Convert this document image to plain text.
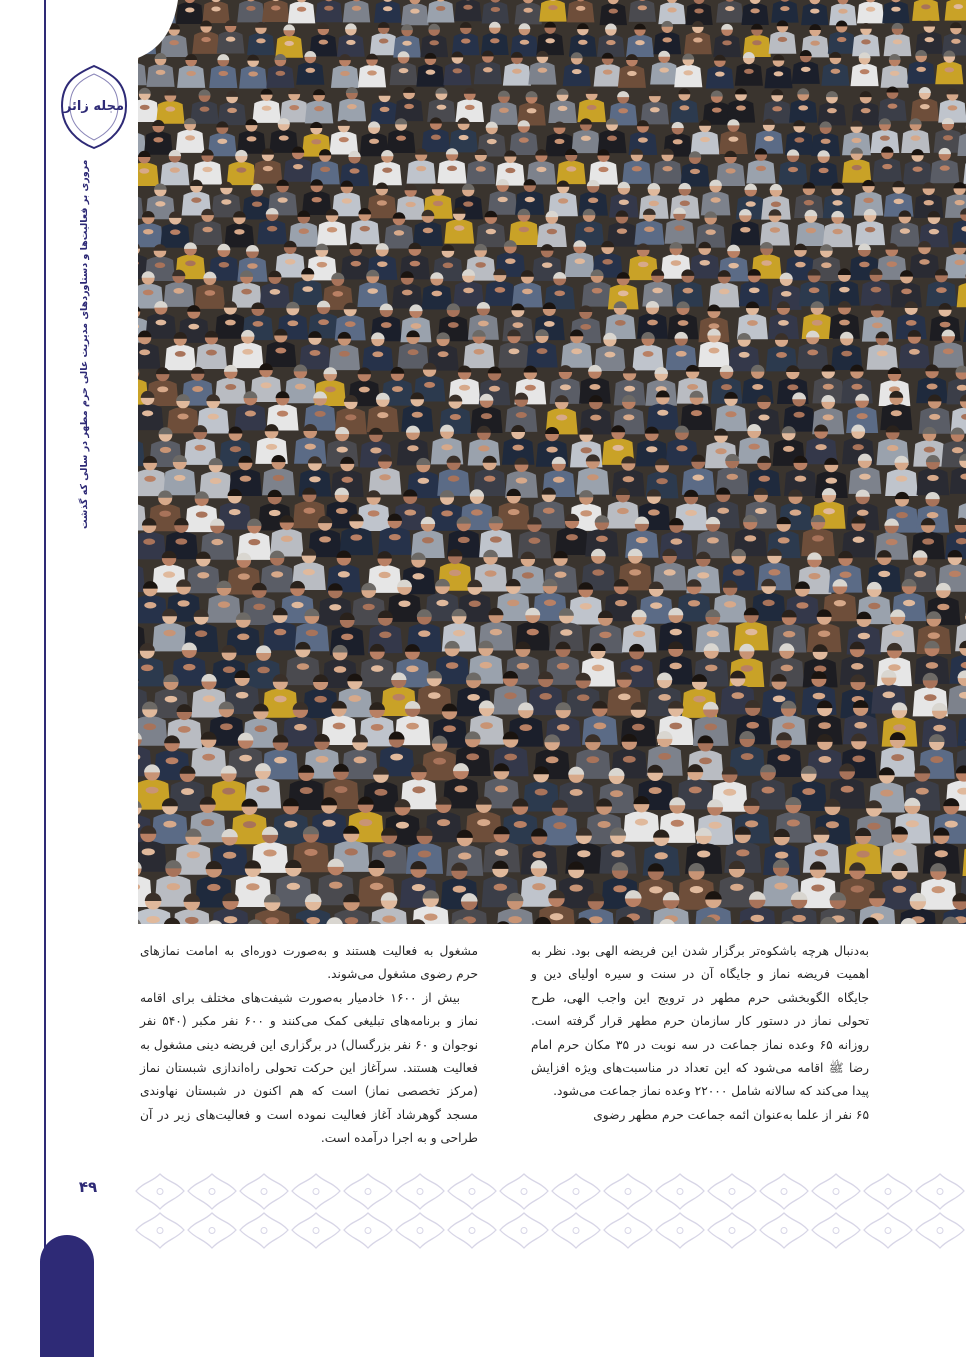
مجله زائر
مروری بر فعالیت‌ها و دستاوردهای مدیریت عالی حرم مطهر در سالی که گذشت
۴۹

به‌دنبال هرچه باشکوه‌تر برگزار شدن این فریضه الهی بود. نظر به اهمیت فریضه نماز و جایگاه آن در سنت و سیره اولیای دین و جایگاه الگوبخشی حرم مطهر در ترویج این واجب الهی، طرح تحولی نماز در دستور کار سازمان حرم مطهر قرار گرفته است. روزانه ۶۵ وعده نماز جماعت در سه نوبت در ۳۵ مکان حرم امام رضا ﷺ اقامه می‌شود که این تعداد در مناسبت‌های ویژه افزایش پیدا می‌کند که سالانه شامل ۲۲۰۰۰ وعده نماز جماعت می‌شود.

۶۵ نفر از علما به‌عنوان ائمه جماعت حرم مطهر رضوی

مشغول به فعالیت هستند و به‌صورت دوره‌ای به امامت نمازهای حرم رضوی مشغول می‌شوند.

بیش از ۱۶۰۰ خادمیار به‌صورت شیفت‌های مختلف برای اقامه نماز و برنامه‌های تبلیغی کمک می‌کنند و ۶۰۰ نفر مکبر (۵۴۰ نفر نوجوان و ۶۰ نفر بزرگسال) در برگزاری این فریضه دینی مشغول به فعالیت هستند. سرآغاز این حرکت تحولی راه‌اندازی شبستان نماز (مرکز تخصصی نماز) است که هم اکنون در شبستان نهاوندی مسجد گوهرشاد آغاز فعالیت نموده است و فعالیت‌های زیر در آن طراحی و به اجرا درآمده است.
